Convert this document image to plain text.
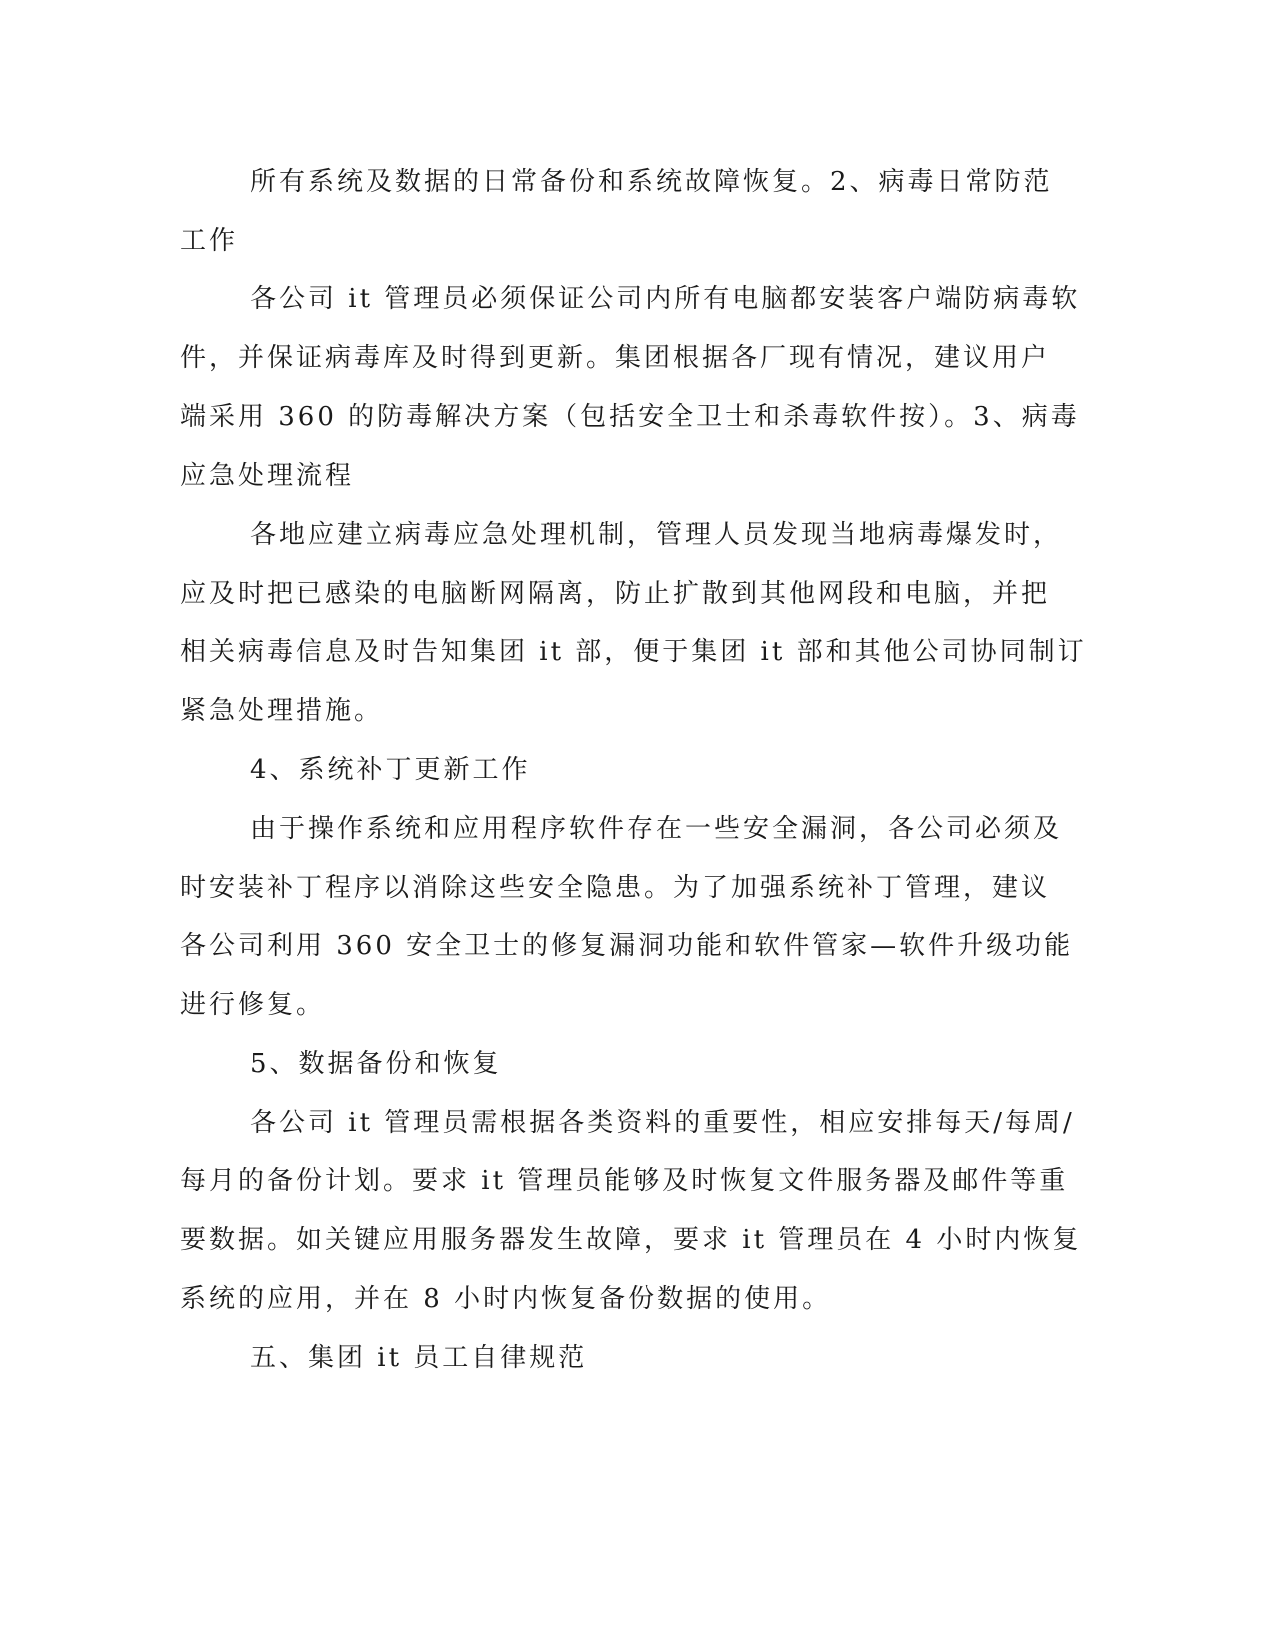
所有系统及数据的日常备份和系统故障恢复。2、病毒日常防范
工作
各公司 it 管理员必须保证公司内所有电脑都安装客户端防病毒软
件，并保证病毒库及时得到更新。集团根据各厂现有情况，建议用户
端采用 360 的防毒解决方案（包括安全卫士和杀毒软件按）。3、病毒
应急处理流程
各地应建立病毒应急处理机制，管理人员发现当地病毒爆发时，
应及时把已感染的电脑断网隔离，防止扩散到其他网段和电脑，并把
相关病毒信息及时告知集团 it 部，便于集团 it 部和其他公司协同制订
紧急处理措施。
4、系统补丁更新工作
由于操作系统和应用程序软件存在一些安全漏洞，各公司必须及
时安装补丁程序以消除这些安全隐患。为了加强系统补丁管理，建议
各公司利用 360 安全卫士的修复漏洞功能和软件管家—软件升级功能
进行修复。
5、数据备份和恢复
各公司 it 管理员需根据各类资料的重要性，相应安排每天/每周/
每月的备份计划。要求 it 管理员能够及时恢复文件服务器及邮件等重
要数据。如关键应用服务器发生故障，要求 it 管理员在 4 小时内恢复
系统的应用，并在 8 小时内恢复备份数据的使用。
五、集团 it 员工自律规范
